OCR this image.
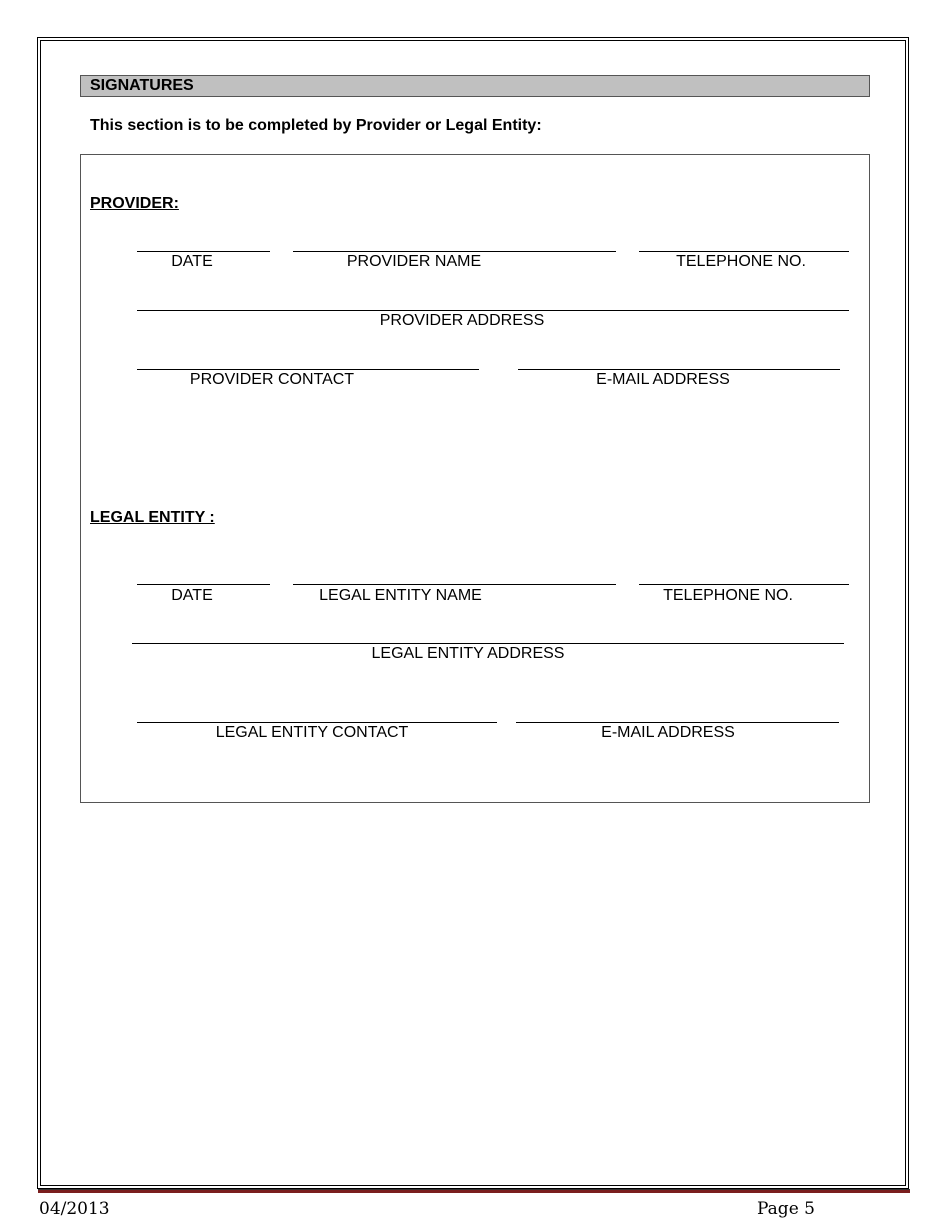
SIGNATURES
This section is to be completed by Provider or Legal Entity:
PROVIDER:
DATE	PROVIDER NAME	TELEPHONE NO.
PROVIDER ADDRESS
PROVIDER CONTACT	E-MAIL ADDRESS
LEGAL ENTITY :
DATE	LEGAL ENTITY NAME	TELEPHONE NO.
LEGAL ENTITY ADDRESS
LEGAL ENTITY CONTACT	E-MAIL ADDRESS
04/2013	Page 5
